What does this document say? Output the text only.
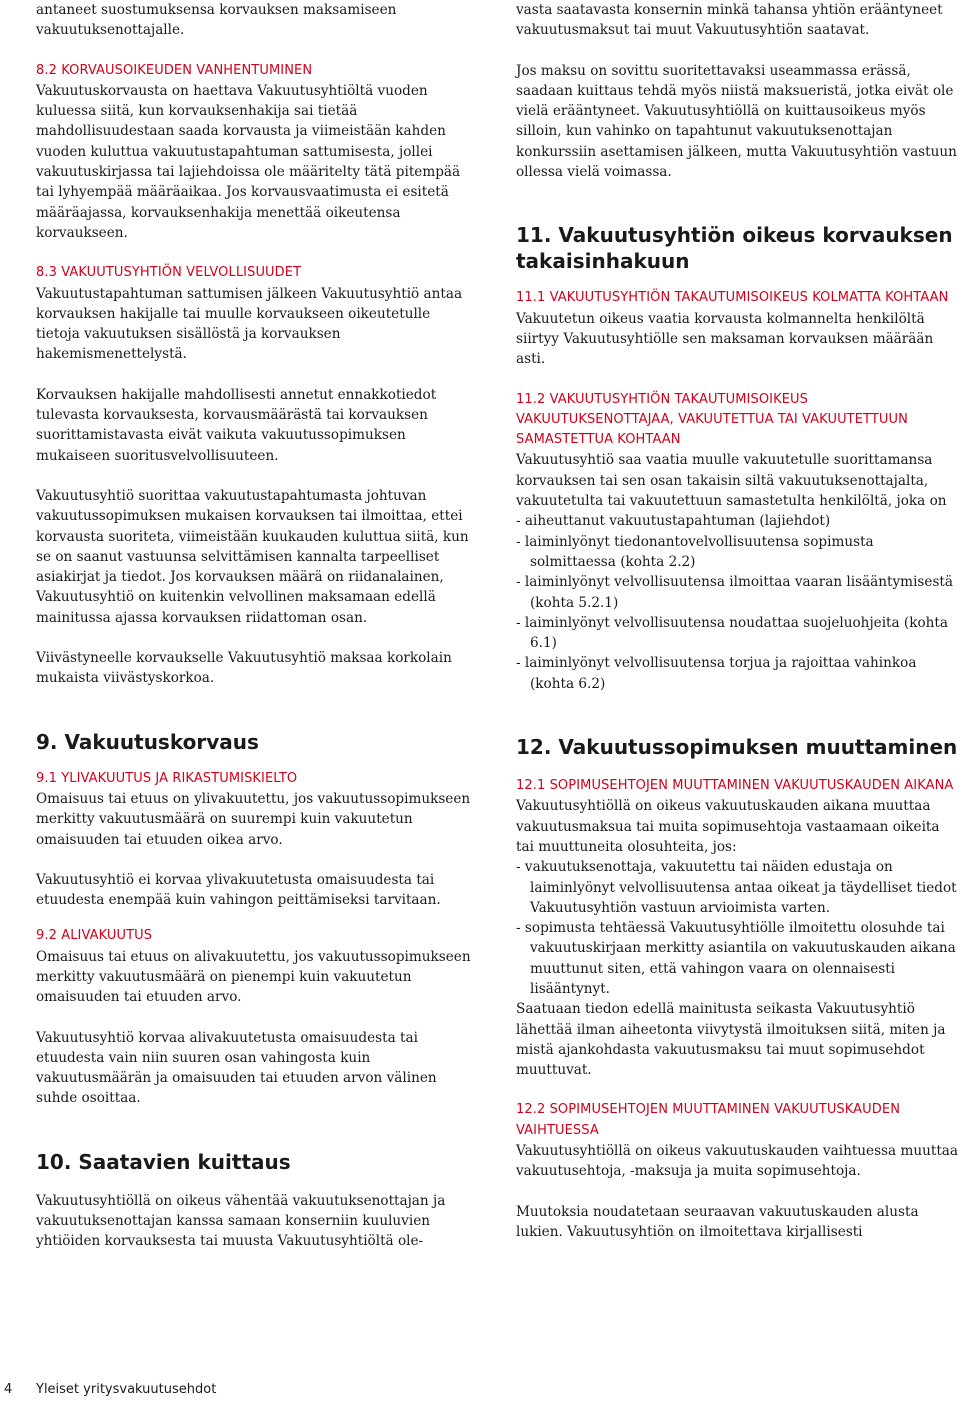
antaneet suostumuksensa korvauksen maksamiseen vakuutuksenottajalle.

8.2 KORVAUSOIKEUDEN VANHENTUMINEN

Vakuutuskorvausta on haettava Vakuutusyhtiöltä vuoden kuluessa siitä, kun korvauksenhakija sai tietää mahdollisuudestaan saada korvausta ja viimeistään kahden vuoden kuluttua vakuutustapahtuman sattumisesta, jollei vakuutuskirjassa tai lajiehdoissa ole määritelty tätä pitempää tai lyhyempää määräaikaa. Jos korvausvaatimusta ei esitetä määräajassa, korvauksenhakija menettää oikeutensa korvaukseen.

8.3 VAKUUTUSYHTIÖN VELVOLLISUUDET

Vakuutustapahtuman sattumisen jälkeen Vakuutusyhtiö antaa korvauksen hakijalle tai muulle korvaukseen oikeutetulle tietoja vakuutuksen sisällöstä ja korvauksen hakemismenettelystä.

Korvauksen hakijalle mahdollisesti annetut ennakkotiedot tulevasta korvauksesta, korvausmäärästä tai korvauksen suorittamistavasta eivät vaikuta vakuutussopimuksen mukaiseen suoritusvelvollisuuteen.

Vakuutusyhtiö suorittaa vakuutustapahtumasta johtuvan vakuutussopimuksen mukaisen korvauksen tai ilmoittaa, ettei korvausta suoriteta, viimeistään kuukauden kuluttua siitä, kun se on saanut vastuunsa selvittämisen kannalta tarpeelliset asiakirjat ja tiedot. Jos korvauksen määrä on riidanalainen, Vakuutusyhtiö on kuitenkin velvollinen maksamaan edellä mainitussa ajassa korvauksen riidattoman osan.

Viivästyneelle korvaukselle Vakuutusyhtiö maksaa korkolain mukaista viivästyskorkoa.

9. Vakuutuskorvaus

9.1 YLIVAKUUTUS JA RIKASTUMISKIELTO

Omaisuus tai etuus on ylivakuutettu, jos vakuutussopimukseen merkitty vakuutusmäärä on suurempi kuin vakuutetun omaisuuden tai etuuden oikea arvo.

Vakuutusyhtiö ei korvaa ylivakuutetusta omaisuudesta tai etuudesta enempää kuin vahingon peittämiseksi tarvitaan.

9.2 ALIVAKUUTUS

Omaisuus tai etuus on alivakuutettu, jos vakuutussopimukseen merkitty vakuutusmäärä on pienempi kuin vakuutetun omaisuuden tai etuuden arvo.

Vakuutusyhtiö korvaa alivakuutetusta omaisuudesta tai etuudesta vain niin suuren osan vahingosta kuin vakuutusmäärän ja omaisuuden tai etuuden arvon välinen suhde osoittaa.

10. Saatavien kuittaus

Vakuutusyhtiöllä on oikeus vähentää vakuutuksenottajan ja vakuutuksenottajan kanssa samaan konserniin kuuluvien yhtiöiden korvauksesta tai muusta Vakuutusyhtiöltä ole-

vasta saatavasta konsernin minkä tahansa yhtiön erääntyneet vakuutusmaksut tai muut Vakuutusyhtiön saatavat.

Jos maksu on sovittu suoritettavaksi useammassa erässä, saadaan kuittaus tehdä myös niistä maksueristä, jotka eivät ole vielä erääntyneet. Vakuutusyhtiöllä on kuittausoikeus myös silloin, kun vahinko on tapahtunut vakuutuksenottajan konkurssiin asettamisen jälkeen, mutta Vakuutusyhtiön vastuun ollessa vielä voimassa.

11. Vakuutusyhtiön oikeus korvauksen takaisinhakuun

11.1 VAKUUTUSYHTIÖN TAKAUTUMISOIKEUS KOLMATTA KOHTAAN

Vakuutetun oikeus vaatia korvausta kolmannelta henkilöltä siirtyy Vakuutusyhtiölle sen maksaman korvauksen määrään asti.

11.2 VAKUUTUSYHTIÖN TAKAUTUMISOIKEUS VAKUUTUKSENOTTAJAA, VAKUUTETTUA TAI VAKUUTETTUUN SAMASTETTUA KOHTAAN

Vakuutusyhtiö saa vaatia muulle vakuutetulle suorittamansa korvauksen tai sen osan takaisin siltä vakuutuksenottajalta, vakuutetulta tai vakuutettuun samastetulta henkilöltä, joka on

- aiheuttanut vakuutustapahtuman (lajiehdot)
- laiminlyönyt tiedonantovelvollisuutensa sopimusta solmittaessa (kohta 2.2)
- laiminlyönyt velvollisuutensa ilmoittaa vaaran lisääntymisestä (kohta 5.2.1)
- laiminlyönyt velvollisuutensa noudattaa suojeluohjeita (kohta 6.1)
- laiminlyönyt velvollisuutensa torjua ja rajoittaa vahinkoa (kohta 6.2)
12. Vakuutussopimuksen muuttaminen

12.1 SOPIMUSEHTOJEN MUUTTAMINEN VAKUUTUSKAUDEN AIKANA

Vakuutusyhtiöllä on oikeus vakuutuskauden aikana muuttaa vakuutusmaksua tai muita sopimusehtoja vastaamaan oikeita tai muuttuneita olosuhteita, jos:

- vakuutuksenottaja, vakuutettu tai näiden edustaja on laiminlyönyt velvollisuutensa antaa oikeat ja täydelliset tiedot Vakuutusyhtiön vastuun arvioimista varten.
- sopimusta tehtäessä Vakuutusyhtiölle ilmoitettu olosuhde tai vakuutuskirjaan merkitty asiantila on vakuutuskauden aikana muuttunut siten, että vahingon vaara on olennaisesti lisääntynyt.

Saatuaan tiedon edellä mainitusta seikasta Vakuutusyhtiö lähettää ilman aiheetonta viivytystä ilmoituksen siitä, miten ja mistä ajankohdasta vakuutusmaksu tai muut sopimusehdot muuttuvat.

12.2 SOPIMUSEHTOJEN MUUTTAMINEN VAKUUTUSKAUDEN VAIHTUESSA

Vakuutusyhtiöllä on oikeus vakuutuskauden vaihtuessa muuttaa vakuutusehtoja, -maksuja ja muita sopimusehtoja.

Muutoksia noudatetaan seuraavan vakuutuskauden alusta lukien. Vakuutusyhtiön on ilmoitettava kirjallisesti

4 Yleiset yritysvakuutusehdot
